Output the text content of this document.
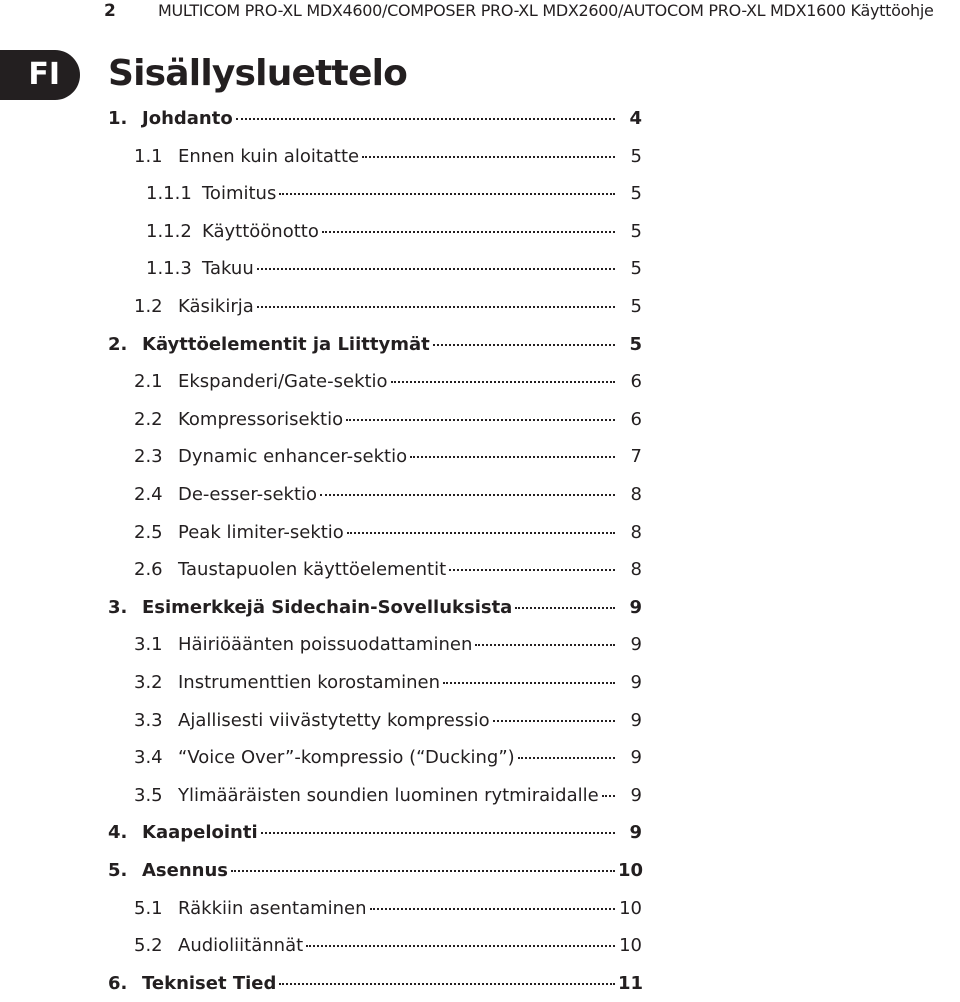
2	MULTICOM PRO-XL MDX4600/COMPOSER PRO-XL MDX2600/AUTOCOM PRO-XL MDX1600 Käyttöohje
FI Sisällysluettelo
1. Johdanto	4
1.1 Ennen kuin aloitatte	5
1.1.1 Toimitus	5
1.1.2 Käyttöönotto	5
1.1.3 Takuu	5
1.2 Käsikirja	5
2. Käyttöelementit ja Liittymät	5
2.1 Ekspanderi/Gate-sektio	6
2.2 Kompressorisektio	6
2.3 Dynamic enhancer-sektio	7
2.4 De-esser-sektio	8
2.5 Peak limiter-sektio	8
2.6 Taustapuolen käyttöelementit	8
3. Esimerkkejä Sidechain-Sovelluksista	9
3.1 Häiriöäänten poissuodattaminen	9
3.2 Instrumenttien korostaminen	9
3.3 Ajallisesti viivästytetty kompressio	9
3.4 “Voice Over”-kompressio (“Ducking”)	9
3.5 Ylimääräisten soundien luominen rytmiraidalle	9
4. Kaapelointi	9
5. Asennus	10
5.1 Räkkiin asentaminen	10
5.2 Audioliitännät	10
6. Tekniset Tied	11
